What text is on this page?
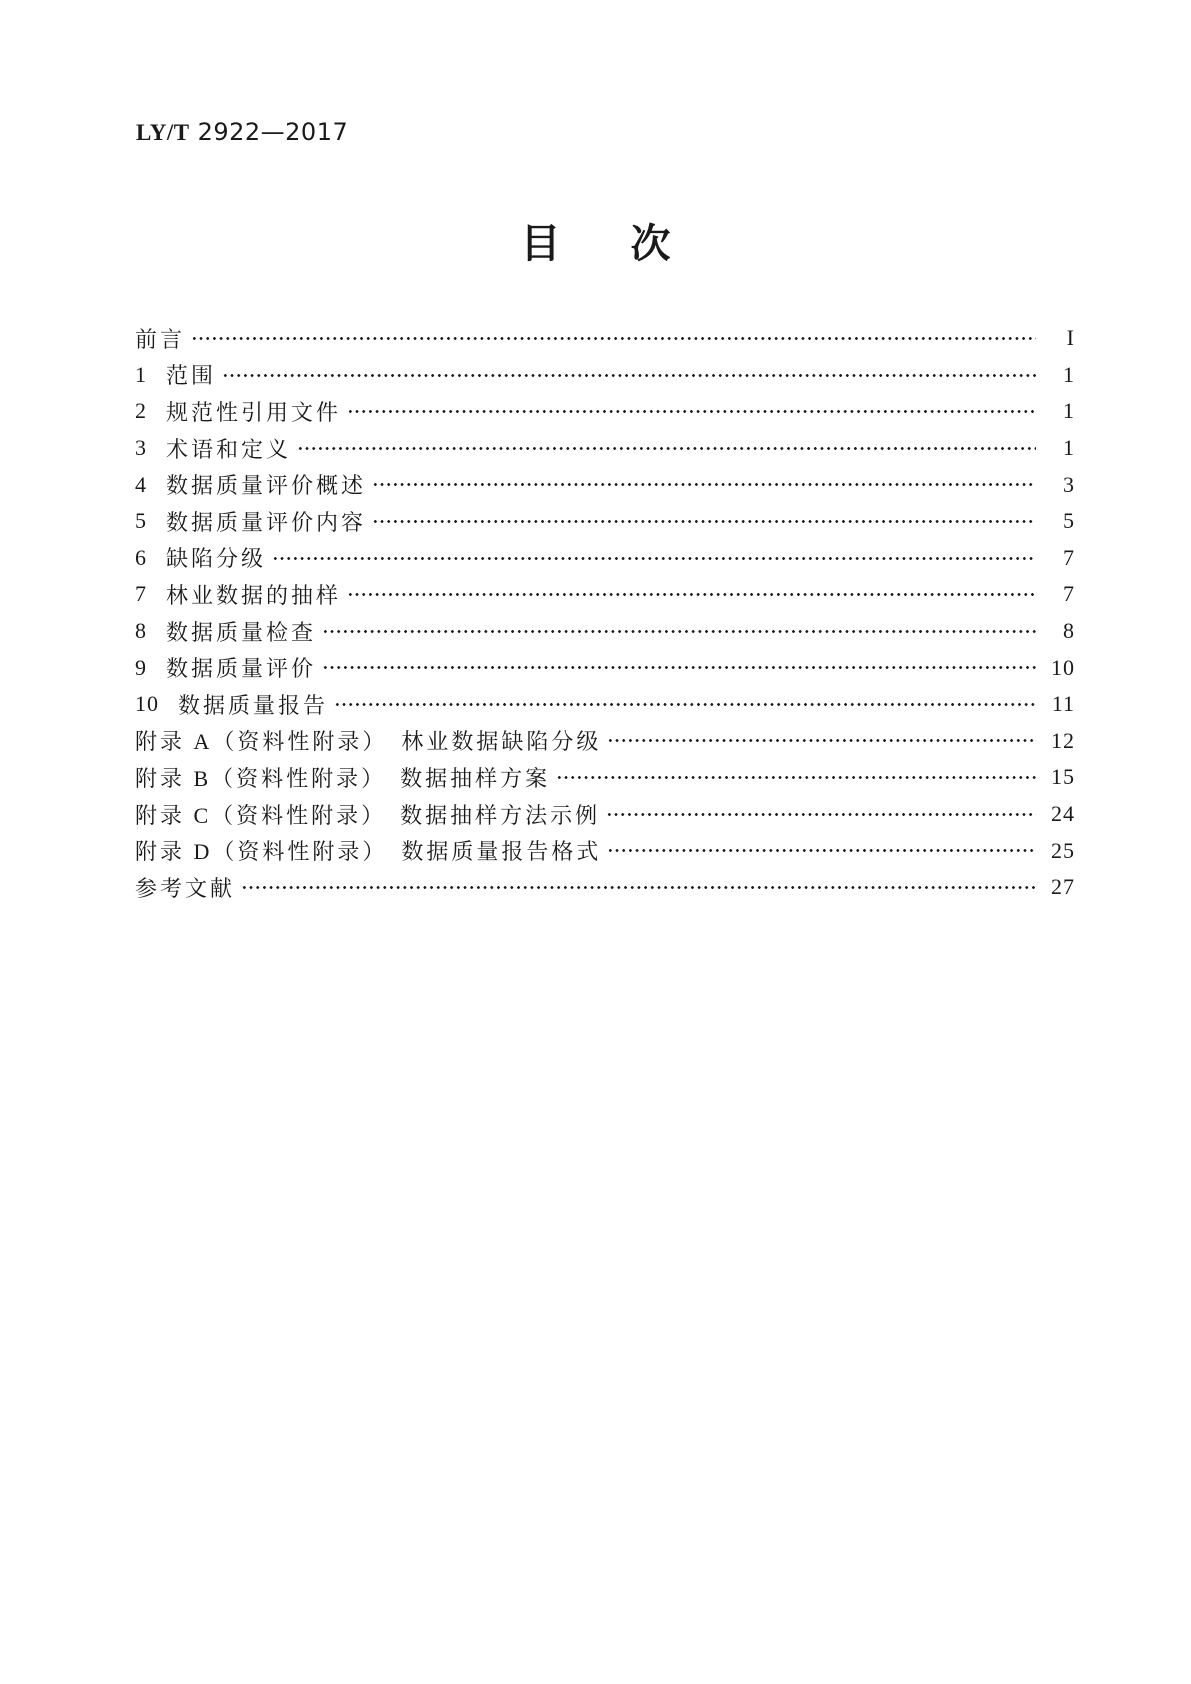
LY/T 2922—2017
目 次
前言	I
1 范围	1
2 规范性引用文件	1
3 术语和定义	1
4 数据质量评价概述	3
5 数据质量评价内容	5
6 缺陷分级	7
7 林业数据的抽样	7
8 数据质量检查	8
9 数据质量评价	10
10 数据质量报告	11
附录 A（资料性附录）　林业数据缺陷分级	12
附录 B（资料性附录）　数据抽样方案	15
附录 C（资料性附录）　数据抽样方法示例	24
附录 D（资料性附录）　数据质量报告格式	25
参考文献	27
